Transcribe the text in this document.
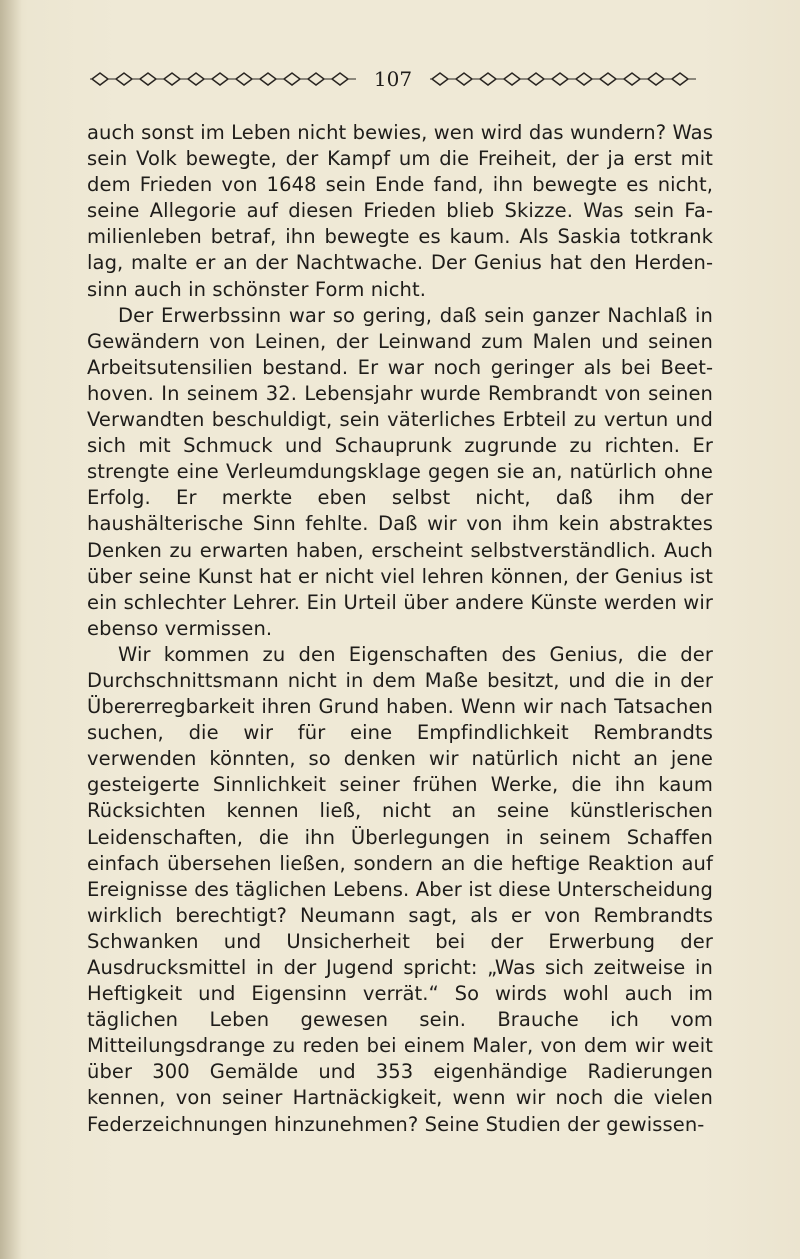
107

auch sonst im Leben nicht bewies, wen wird das wundern? Was sein Volk bewegte, der Kampf um die Freiheit, der ja erst mit dem Frieden von 1648 sein Ende fand, ihn bewegte es nicht, seine Allegorie auf diesen Frieden blieb Skizze. Was sein Familienleben betraf, ihn bewegte es kaum. Als Saskia totkrank lag, malte er an der Nachtwache. Der Genius hat den Herdensinn auch in schönster Form nicht.

Der Erwerbssinn war so gering, daß sein ganzer Nachlaß in Gewändern von Leinen, der Leinwand zum Malen und seinen Arbeitsutensilien bestand. Er war noch geringer als bei Beethoven. In seinem 32. Lebensjahr wurde Rembrandt von seinen Verwandten beschuldigt, sein väterliches Erbteil zu vertun und sich mit Schmuck und Schauprunk zugrunde zu richten. Er strengte eine Verleumdungsklage gegen sie an, natürlich ohne Erfolg. Er merkte eben selbst nicht, daß ihm der haushälterische Sinn fehlte. Daß wir von ihm kein abstraktes Denken zu erwarten haben, erscheint selbstverständlich. Auch über seine Kunst hat er nicht viel lehren können, der Genius ist ein schlechter Lehrer. Ein Urteil über andere Künste werden wir ebenso vermissen.

Wir kommen zu den Eigenschaften des Genius, die der Durchschnittsmann nicht in dem Maße besitzt, und die in der Übererregbarkeit ihren Grund haben. Wenn wir nach Tatsachen suchen, die wir für eine Empfindlichkeit Rembrandts verwenden könnten, so denken wir natürlich nicht an jene gesteigerte Sinnlichkeit seiner frühen Werke, die ihn kaum Rücksichten kennen ließ, nicht an seine künstlerischen Leidenschaften, die ihn Überlegungen in seinem Schaffen einfach übersehen ließen, sondern an die heftige Reaktion auf Ereignisse des täglichen Lebens. Aber ist diese Unterscheidung wirklich berechtigt? Neumann sagt, als er von Rembrandts Schwanken und Unsicherheit bei der Erwerbung der Ausdrucksmittel in der Jugend spricht: „Was sich zeitweise in Heftigkeit und Eigensinn verrät.“ So wirds wohl auch im täglichen Leben gewesen sein. Brauche ich vom Mitteilungsdrange zu reden bei einem Maler, von dem wir weit über 300 Gemälde und 353 eigenhändige Radierungen kennen, von seiner Hartnäckigkeit, wenn wir noch die vielen Federzeichnungen hinzunehmen? Seine Studien der gewissen-
